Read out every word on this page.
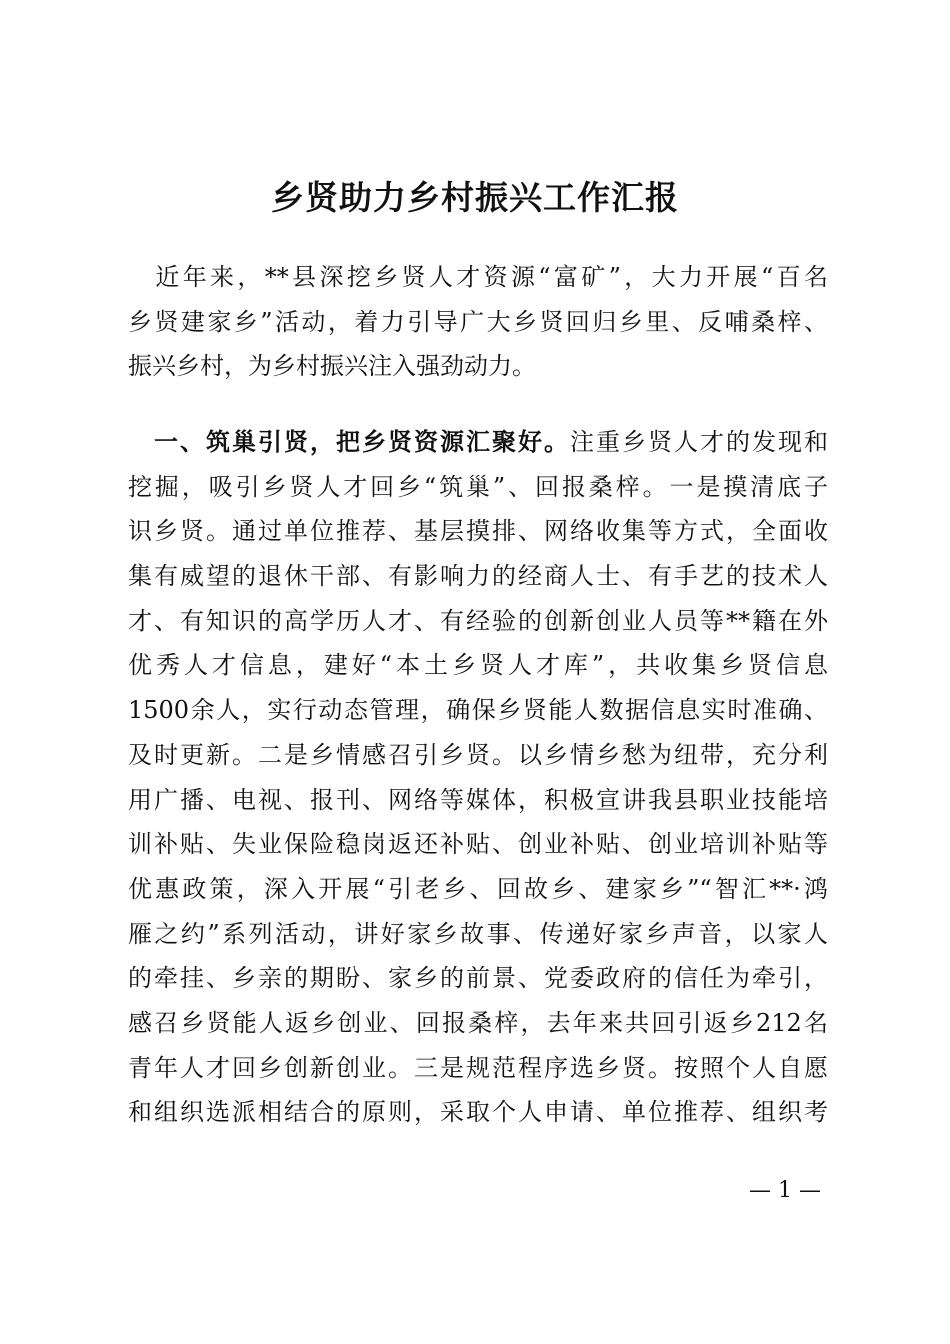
乡贤助力乡村振兴工作汇报
　近年来，**县深挖乡贤人才资源“富矿”，大力开展“百名
乡贤建家乡”活动，着力引导广大乡贤回归乡里、反哺桑梓、
振兴乡村，为乡村振兴注入强劲动力。
　一、筑巢引贤，把乡贤资源汇聚好。注重乡贤人才的发现和
挖掘，吸引乡贤人才回乡“筑巢”、回报桑梓。一是摸清底子
识乡贤。通过单位推荐、基层摸排、网络收集等方式，全面收
集有威望的退休干部、有影响力的经商人士、有手艺的技术人
才、有知识的高学历人才、有经验的创新创业人员等**籍在外
优秀人才信息，建好“本土乡贤人才库”，共收集乡贤信息
1500余人，实行动态管理，确保乡贤能人数据信息实时准确、
及时更新。二是乡情感召引乡贤。以乡情乡愁为纽带，充分利
用广播、电视、报刊、网络等媒体，积极宣讲我县职业技能培
训补贴、失业保险稳岗返还补贴、创业补贴、创业培训补贴等
优惠政策，深入开展“引老乡、回故乡、建家乡”“智汇**·鸿
雁之约”系列活动，讲好家乡故事、传递好家乡声音，以家人
的牵挂、乡亲的期盼、家乡的前景、党委政府的信任为牵引，
感召乡贤能人返乡创业、回报桑梓，去年来共回引返乡212名
青年人才回乡创新创业。三是规范程序选乡贤。按照个人自愿
和组织选派相结合的原则，采取个人申请、单位推荐、组织考
— 1 —
